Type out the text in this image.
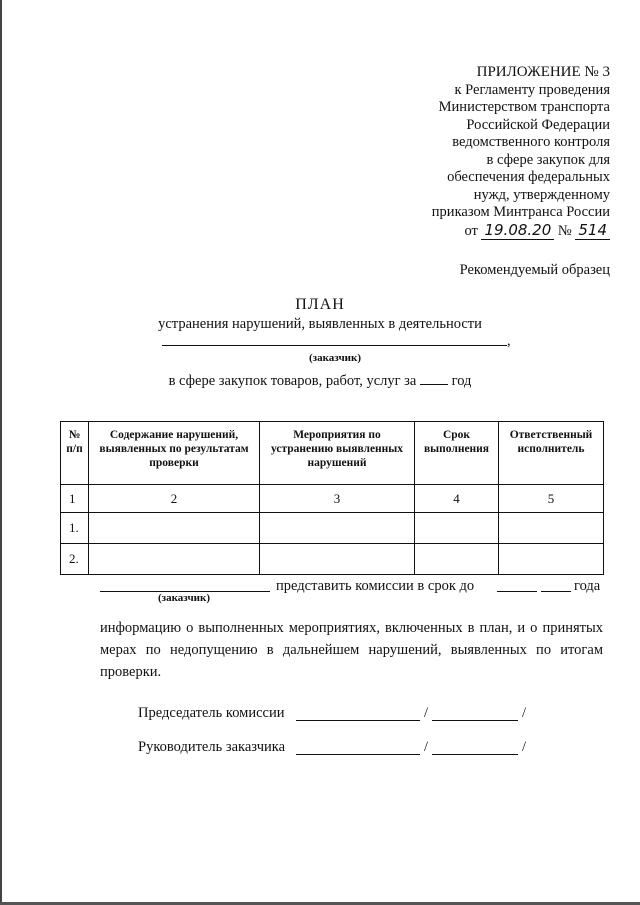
ПРИЛОЖЕНИЕ № 3
к Регламенту проведения
Министерством транспорта
Российской Федерации
ведомственного контроля
в сфере закупок для
обеспечения федеральных
нужд, утвержденному
приказом Минтранса России
от 19.08.20 № 514
Рекомендуемый образец
ПЛАН
устранения нарушений, выявленных в деятельности
,
(заказчик)
в сфере закупок товаров, работ, услуг за год
№ п/п	Содержание нарушений, выявленных по результатам проверки	Мероприятия по устранению выявленных нарушений	Срок выполнения	Ответственный исполнитель
1	2	3	4	5
1.				
2.				
представить комиссии в срок до	года
(заказчик)
информацию о выполненных мероприятиях, включенных в план, и о принятых мерах по недопущению в дальнейшем нарушений, выявленных по итогам проверки.
Председатель комиссии	/	/
Руководитель заказчика	/	/
